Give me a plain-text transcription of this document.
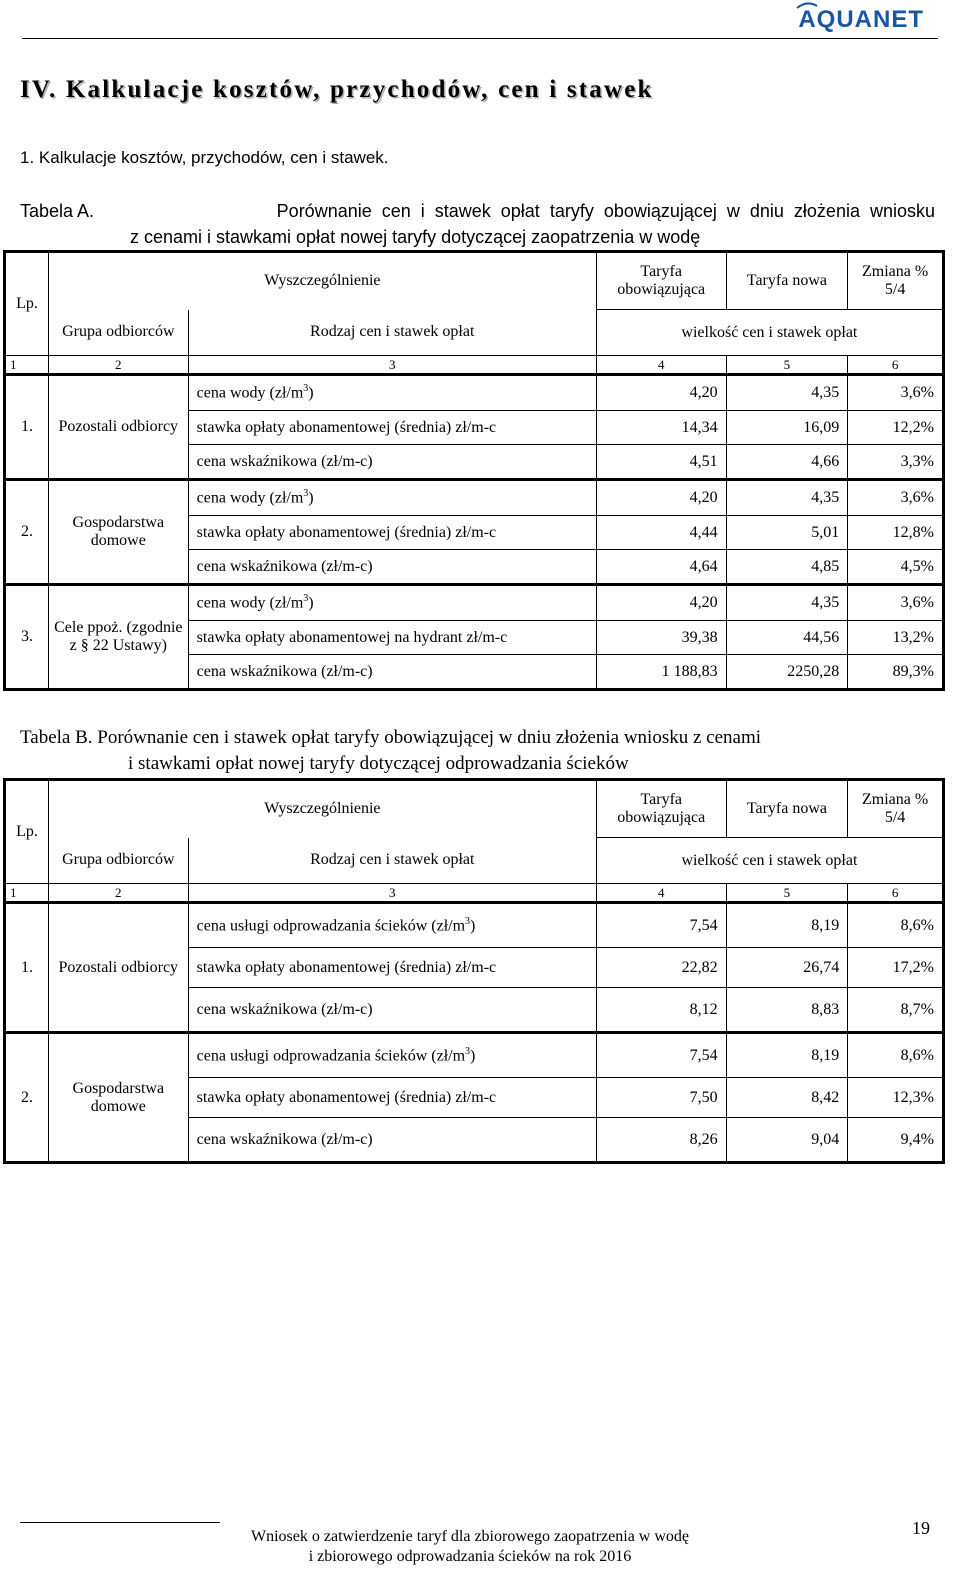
AQUANET
IV. Kalkulacje kosztów, przychodów, cen i stawek
1. Kalkulacje kosztów, przychodów, cen i stawek.
Tabela A.	Porównanie cen i stawek opłat taryfy obowiązującej w dniu złożenia wniosku
z cenami i stawkami opłat nowej taryfy dotyczącej zaopatrzenia w wodę
Lp.	Wyszczególnienie		Taryfa obowiązująca	Taryfa nowa	Zmiana % 5/4
	Grupa odbiorców	Rodzaj cen i stawek opłat	wielkość cen i stawek opłat		
1	2	3	4	5	6
1.	Pozostali odbiorcy	cena wody $(zł/m^3)$	4,20	4,35	3,6%
		stawka opłaty abonamentowej (średnia) zł/m-c	14,34	16,09	12,2%
		cena wskaźnikowa (zł/m-c)	4,51	4,66	3,3%
2.	Gospodarstwa domowe	cena wody $(zł/m^3)$	4,20	4,35	3,6%
		stawka opłaty abonamentowej (średnia) zł/m-c	4,44	5,01	12,8%
		cena wskaźnikowa (zł/m-c)	4,64	4,85	4,5%
3.	Cele ppoż. (zgodnie z § 22 Ustawy)	cena wody $(zł/m^3)$	4,20	4,35	3,6%
		stawka opłaty abonamentowej na hydrant zł/m-c	39,38	44,56	13,2%
		cena wskaźnikowa (zł/m-c)	1 188,83	2250,28	89,3%
Tabela B. Porównanie cen i stawek opłat taryfy obowiązującej w dniu złożenia wniosku z cenami
i stawkami opłat nowej taryfy dotyczącej odprowadzania ścieków
Lp.	Wyszczególnienie		Taryfa obowiązująca	Taryfa nowa	Zmiana % 5/4
	Grupa odbiorców	Rodzaj cen i stawek opłat	wielkość cen i stawek opłat		
1	2	3	4	5	6
1.	Pozostali odbiorcy	cena usługi odprowadzania ścieków $(zł/m^3)$	7,54	8,19	8,6%
		stawka opłaty abonamentowej (średnia) zł/m-c	22,82	26,74	17,2%
		cena wskaźnikowa (zł/m-c)	8,12	8,83	8,7%
2.	Gospodarstwa domowe	cena usługi odprowadzania ścieków $(zł/m^3)$	7,54	8,19	8,6%
		stawka opłaty abonamentowej (średnia) zł/m-c	7,50	8,42	12,3%
		cena wskaźnikowa (zł/m-c)	8,26	9,04	9,4%
Wniosek o zatwierdzenie taryf dla zbiorowego zaopatrzenia w wodę
i zbiorowego odprowadzania ścieków na rok 2016
19
